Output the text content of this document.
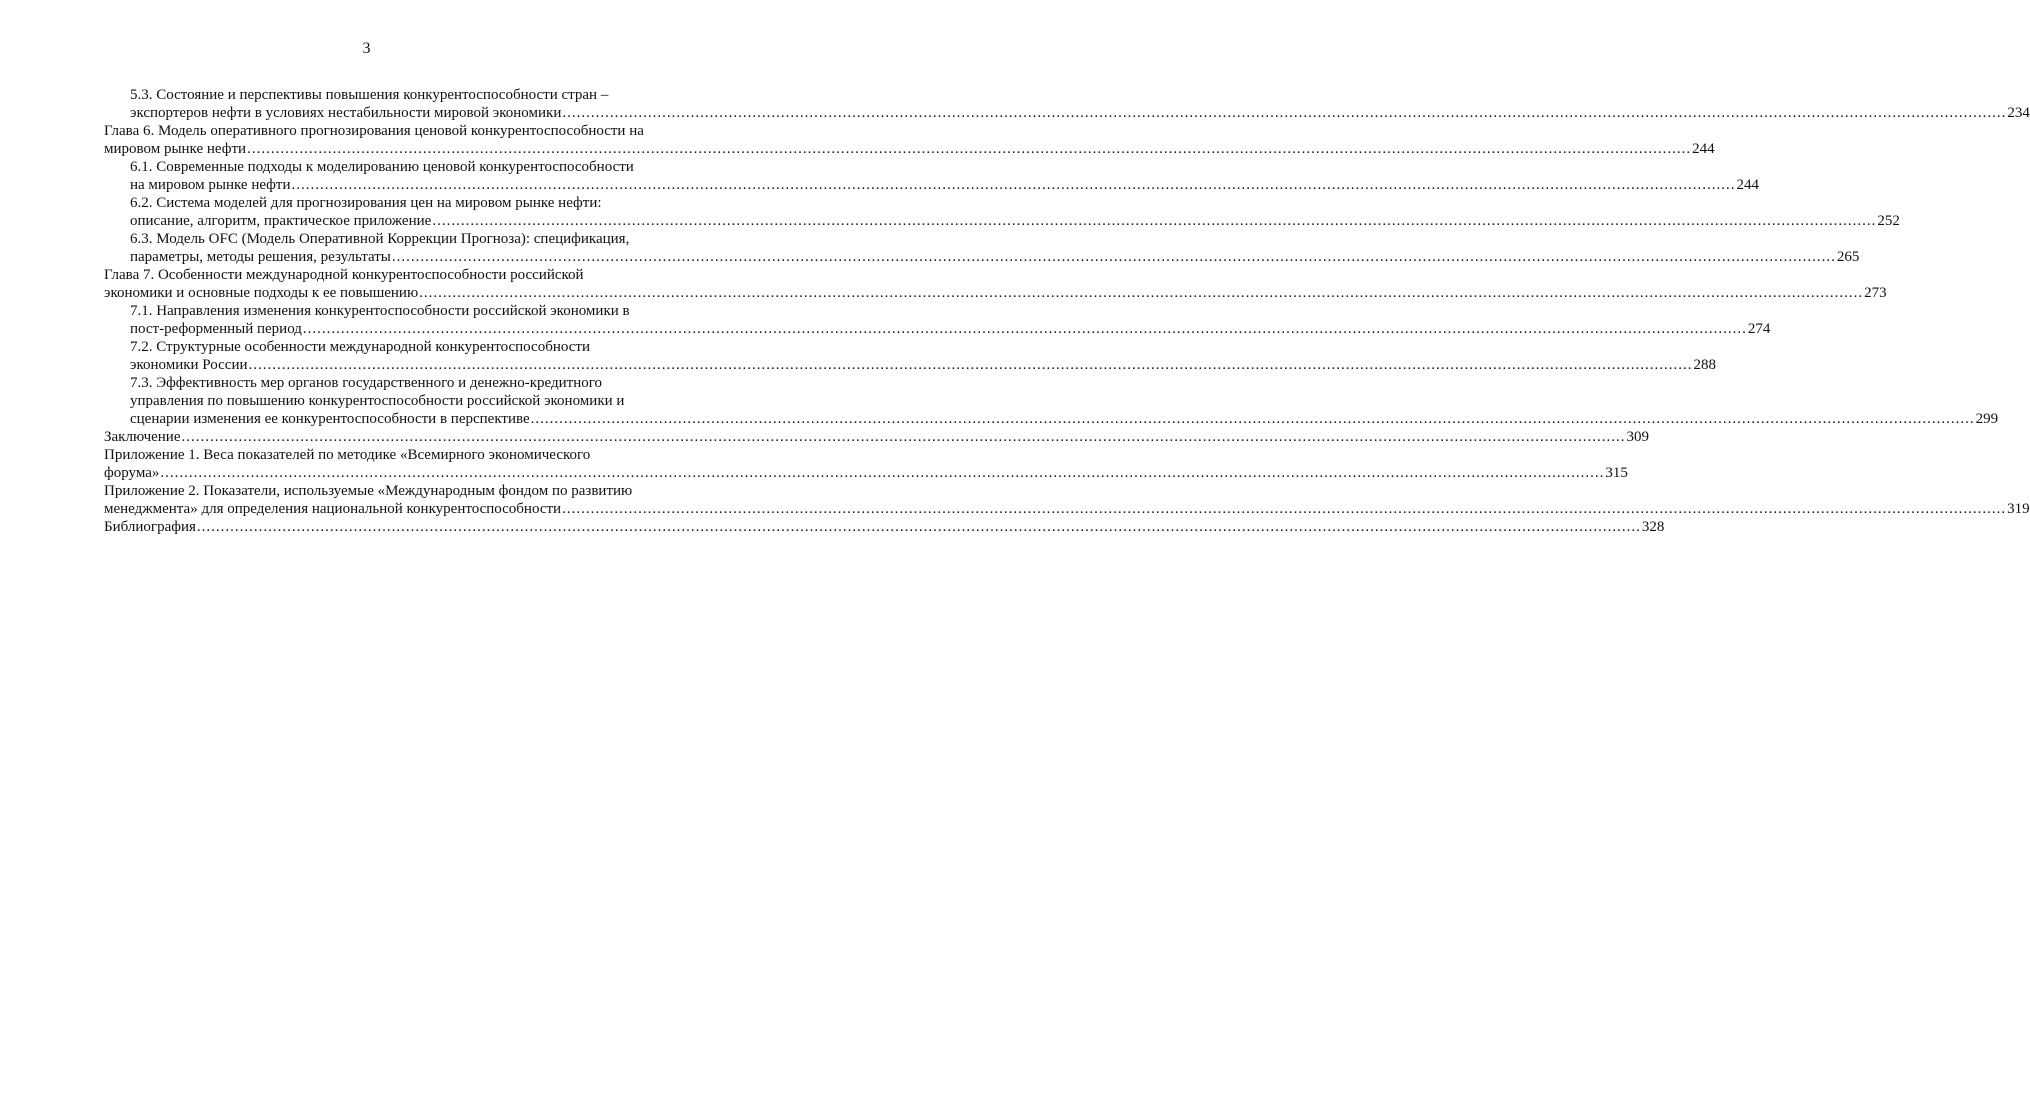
3
5.3. Состояние и перспективы повышения конкурентоспособности стран –
экспортеров нефти в условиях нестабильности мировой экономики ................................................................................................................................................................................................................................................................................................................ 234
Глава 6. Модель оперативного прогнозирования ценовой конкурентоспособности на
мировом рынке нефти ................................................................................................................................................................................................................................................................................................................ 244
6.1. Современные подходы к моделированию ценовой конкурентоспособности
на мировом рынке нефти ................................................................................................................................................................................................................................................................................................................ 244
6.2. Система моделей для прогнозирования цен на мировом рынке нефти:
описание, алгоритм, практическое приложение ................................................................................................................................................................................................................................................................................................................ 252
6.3. Модель OFC (Модель Оперативной Коррекции Прогноза): спецификация,
параметры, методы решения, результаты ................................................................................................................................................................................................................................................................................................................ 265
Глава 7. Особенности международной конкурентоспособности российской
экономики и основные подходы к ее повышению ................................................................................................................................................................................................................................................................................................................ 273
7.1. Направления изменения конкурентоспособности российской экономики в
пост-реформенный период ................................................................................................................................................................................................................................................................................................................ 274
7.2. Структурные особенности международной конкурентоспособности
экономики России ................................................................................................................................................................................................................................................................................................................ 288
7.3. Эффективность мер органов государственного и денежно-кредитного
управления по повышению конкурентоспособности российской экономики и
сценарии изменения ее конкурентоспособности в перспективе ................................................................................................................................................................................................................................................................................................................ 299
Заключение ................................................................................................................................................................................................................................................................................................................ 309
Приложение 1. Веса показателей по методике «Всемирного экономического
форума» ................................................................................................................................................................................................................................................................................................................ 315
Приложение 2. Показатели, используемые «Международным фондом по развитию
менеджмента» для определения национальной конкурентоспособности ................................................................................................................................................................................................................................................................................................................ 319
Библиография ................................................................................................................................................................................................................................................................................................................ 328
